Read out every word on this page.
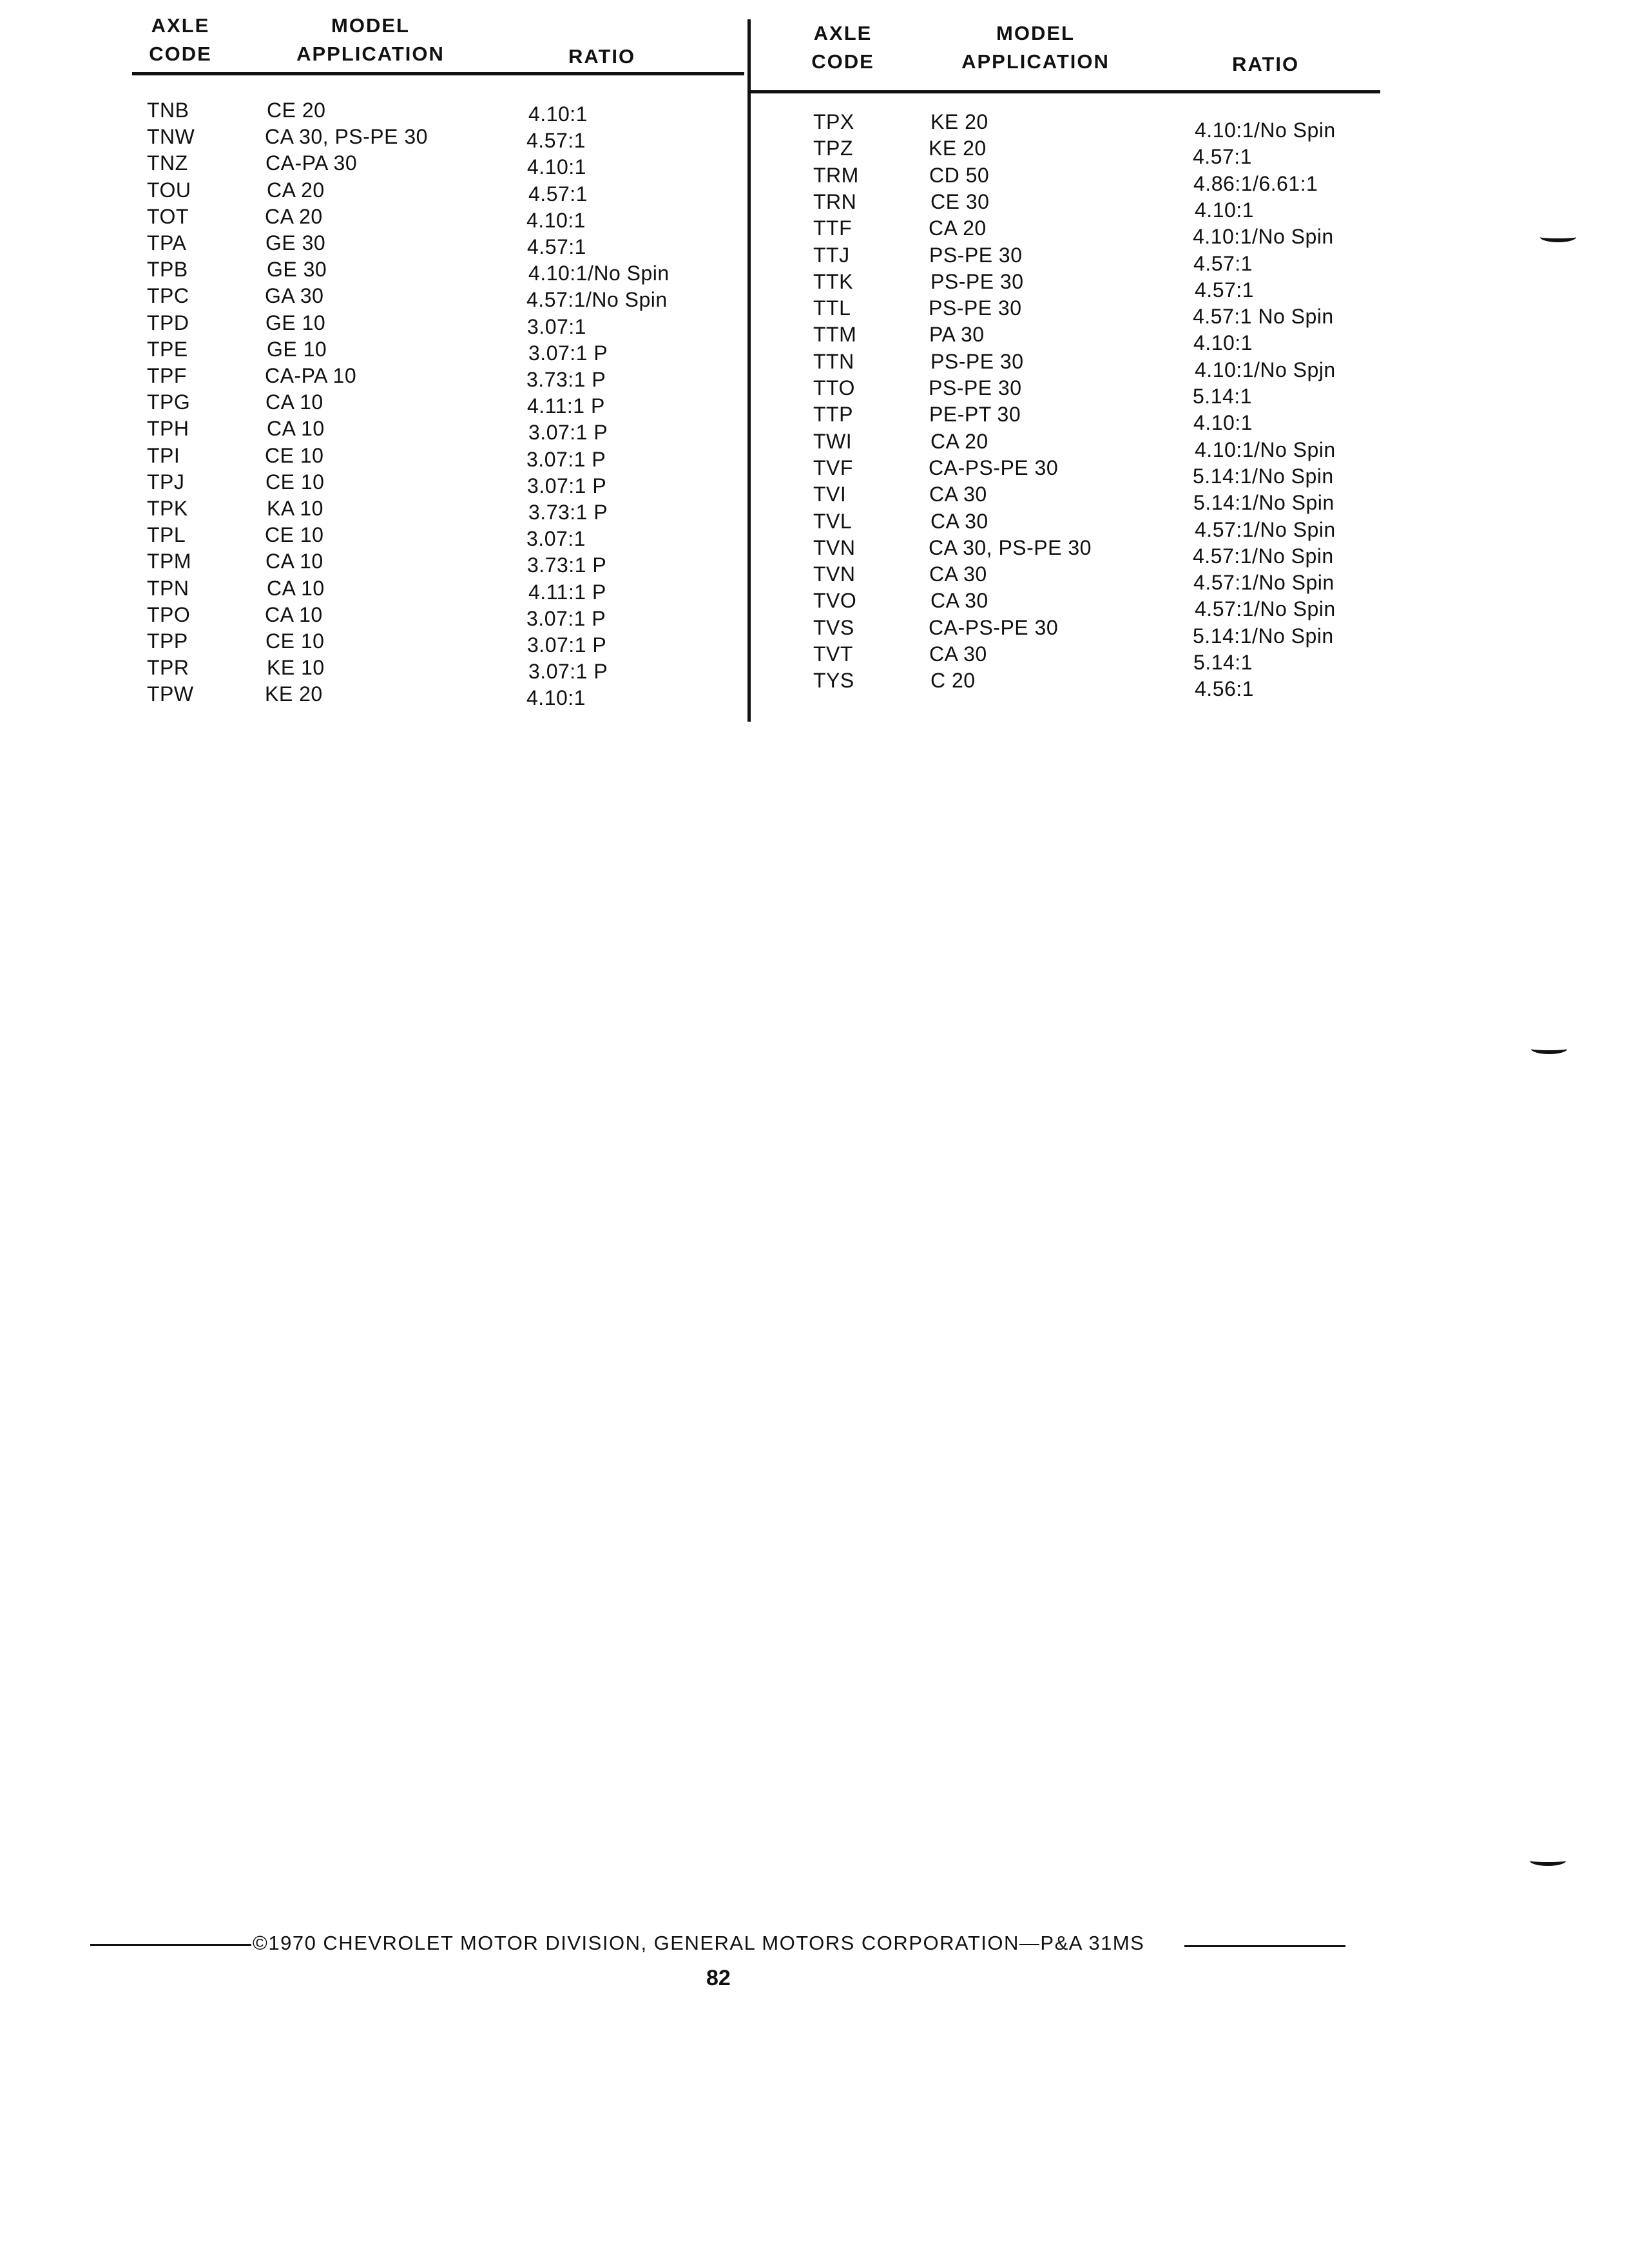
AXLE
CODE
MODEL
APPLICATION	RATIO
AXLE
CODE
MODEL
APPLICATION	RATIO
TNB	CE 20	4.10:1
TNW	CA 30, PS-PE 30	4.57:1
TNZ	CA-PA 30	4.10:1
TOU	CA 20	4.57:1
TOT	CA 20	4.10:1
TPA	GE 30	4.57:1
TPB	GE 30	4.10:1/No Spin
TPC	GA 30	4.57:1/No Spin
TPD	GE 10	3.07:1
TPE	GE 10	3.07:1 P
TPF	CA-PA 10	3.73:1 P
TPG	CA 10	4.11:1 P
TPH	CA 10	3.07:1 P
TPI	CE 10	3.07:1 P
TPJ	CE 10	3.07:1 P
TPK	KA 10	3.73:1 P
TPL	CE 10	3.07:1
TPM	CA 10	3.73:1 P
TPN	CA 10	4.11:1 P
TPO	CA 10	3.07:1 P
TPP	CE 10	3.07:1 P
TPR	KE 10	3.07:1 P
TPW	KE 20	4.10:1
TPX	KE 20	4.10:1/No Spin
TPZ	KE 20	4.57:1
TRM	CD 50	4.86:1/6.61:1
TRN	CE 30	4.10:1
TTF	CA 20	4.10:1/No Spin
TTJ	PS-PE 30	4.57:1
TTK	PS-PE 30	4.57:1
TTL	PS-PE 30	4.57:1 No Spin
TTM	PA 30	4.10:1
TTN	PS-PE 30	4.10:1/No Spjn
TTO	PS-PE 30	5.14:1
TTP	PE-PT 30	4.10:1
TWI	CA 20	4.10:1/No Spin
TVF	CA-PS-PE 30	5.14:1/No Spin
TVI	CA 30	5.14:1/No Spin
TVL	CA 30	4.57:1/No Spin
TVN	CA 30, PS-PE 30	4.57:1/No Spin
TVN	CA 30	4.57:1/No Spin
TVO	CA 30	4.57:1/No Spin
TVS	CA-PS-PE 30	5.14:1/No Spin
TVT	CA 30	5.14:1
TYS	C 20	4.56:1
©1970 CHEVROLET MOTOR DIVISION, GENERAL MOTORS CORPORATION—P&A 31MS
82
